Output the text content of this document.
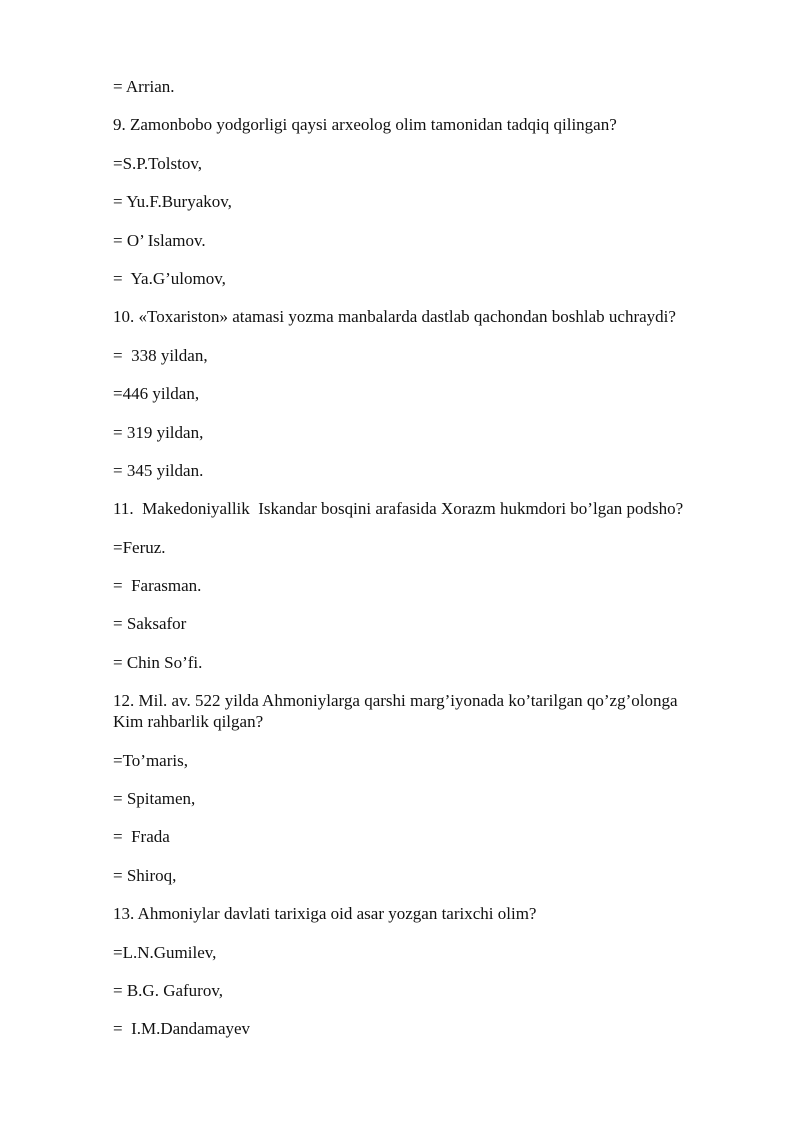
= Arrian.

9. Zamonbobo yodgorligi qaysi arxeolog olim tamonidan tadqiq qilingan?

=S.P.Tolstov,

= Yu.F.Buryakov,

= O’ Islamov.

=  Ya.G’ulomov,

10. «Toxariston» atamasi yozma manbalarda dastlab qachondan boshlab uchraydi?

=  338 yildan,

=446 yildan,

= 319 yildan,

= 345 yildan.

11.  Makedoniyallik  Iskandar bosqini arafasida Xorazm hukmdori bo’lgan podsho?

=Feruz.

=  Farasman.

= Saksafor

= Chin So’fi.

12. Mil. av. 522 yilda Ahmoniylarga qarshi marg’iyonada ko’tarilgan qo’zg’olonga

Kim rahbarlik qilgan?

=To’maris,

= Spitamen,

=  Frada

= Shiroq,

13. Ahmoniylar davlati tarixiga oid asar yozgan tarixchi olim?

=L.N.Gumilev,

= B.G. Gafurov,

=  I.M.Dandamayev
